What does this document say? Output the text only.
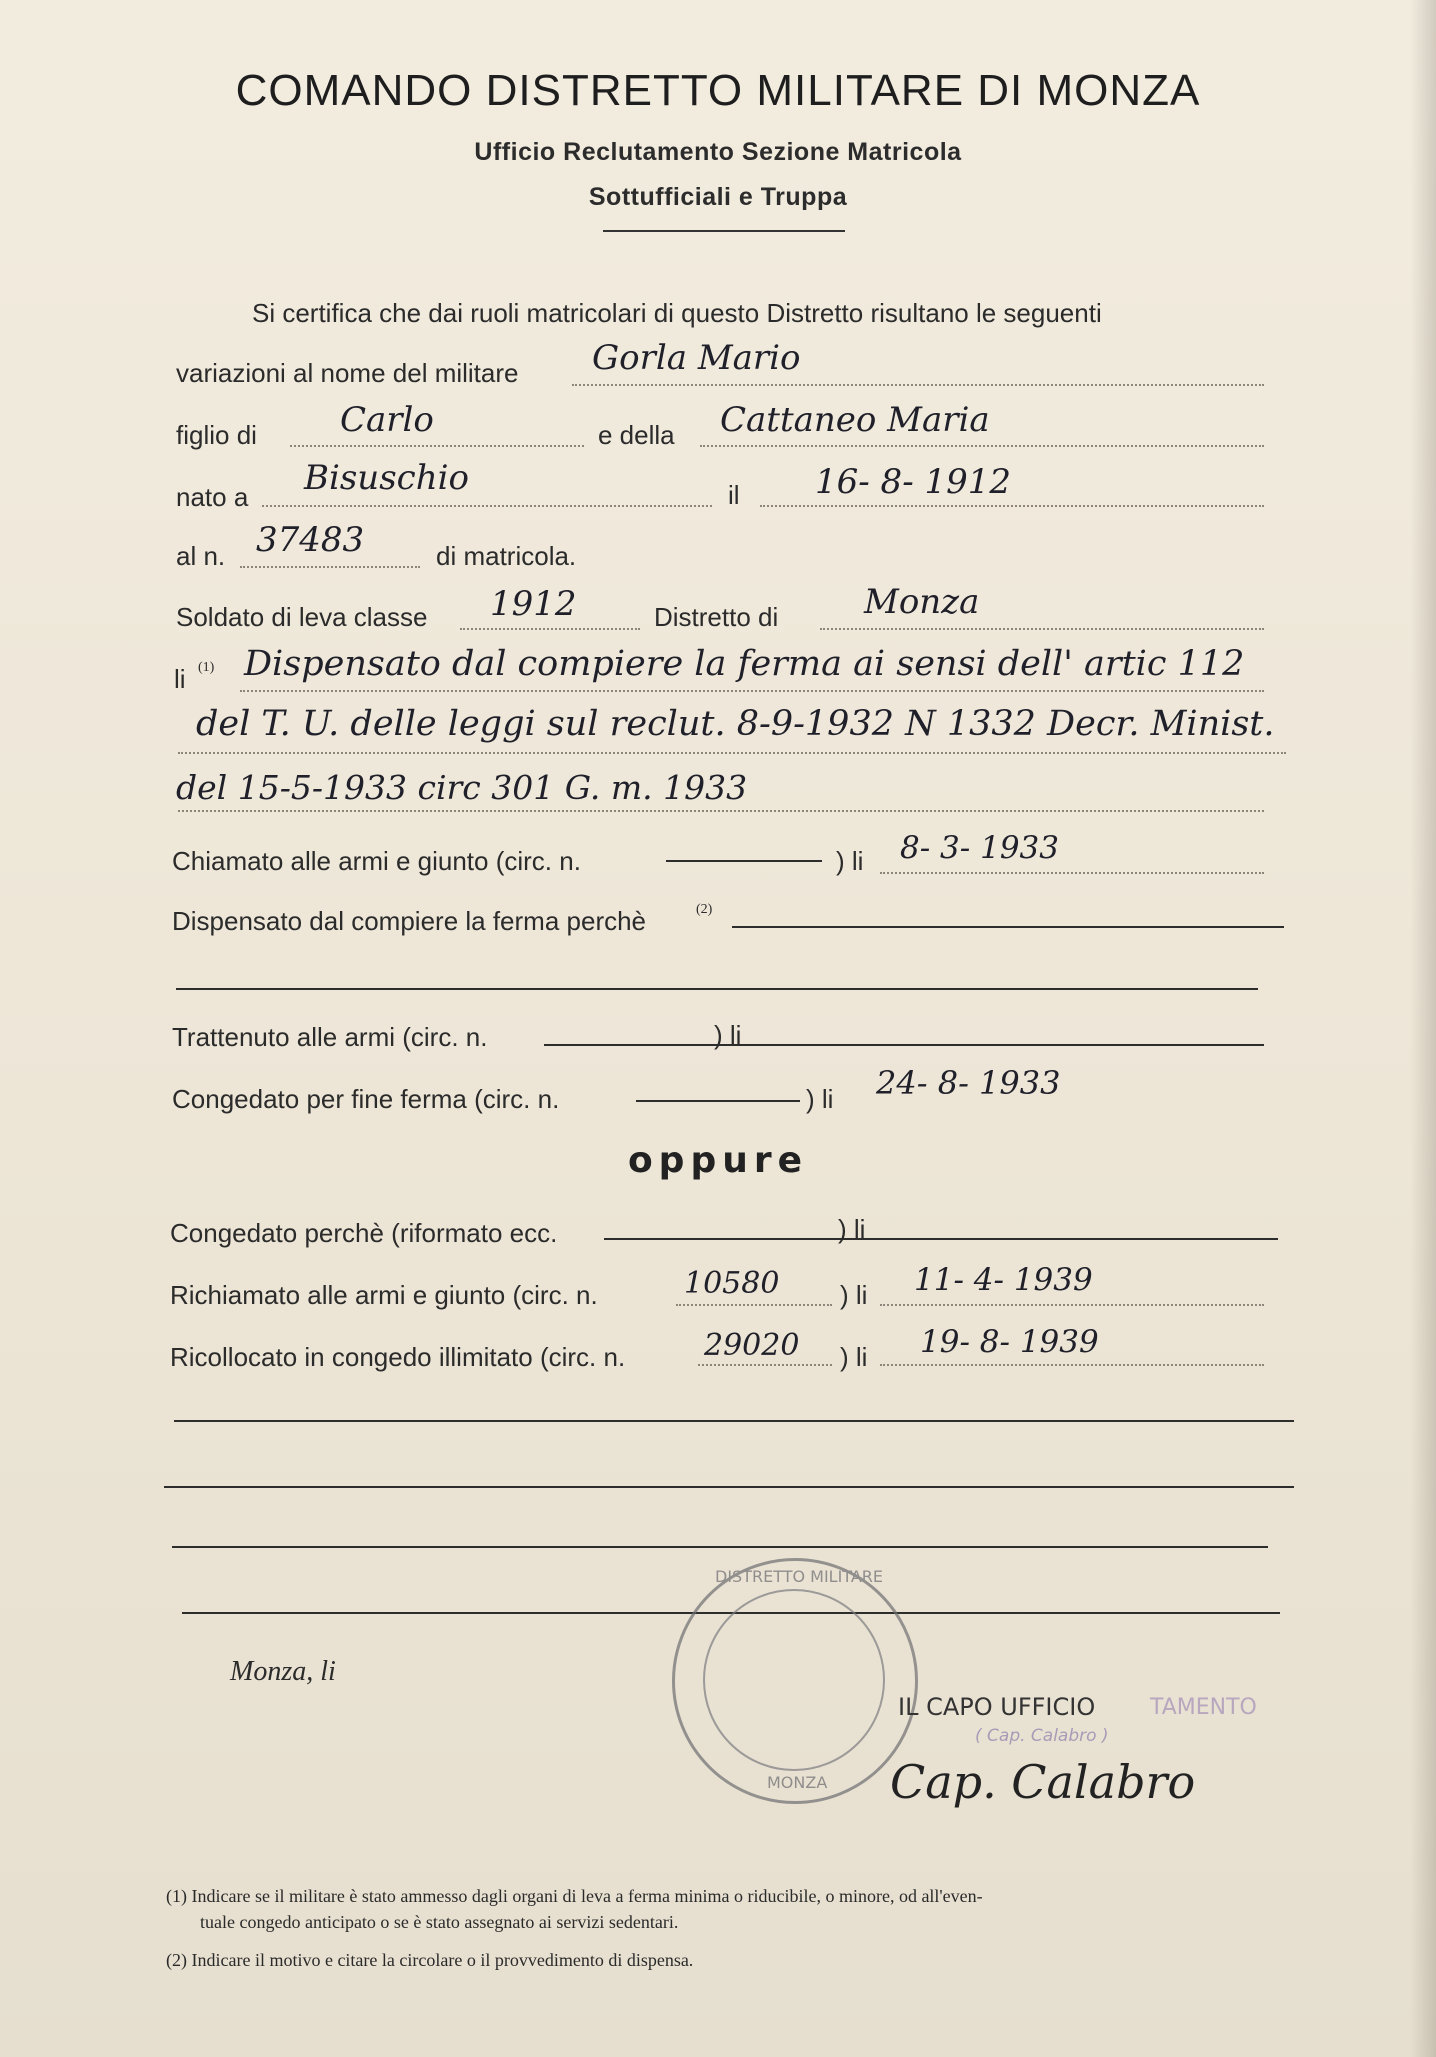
COMANDO DISTRETTO MILITARE DI MONZA
Ufficio Reclutamento Sezione Matricola
Sottufficiali e Truppa
Si certifica che dai ruoli matricolari di questo Distretto risultano le seguenti
variazioni al nome del militare Gorla Mario
figlio di Carlo	e della Cattaneo Maria
nato a Bisuschio	il 16- 8- 1912
al n. 37483	di matricola.
Soldato di leva classe 1912	Distretto di	Monza
li (1) Dispensato dal compiere la ferma ai sensi dell' artic 112
del T. U. delle leggi sul reclut. 8-9-1932 N 1332 Decr. Minist.
del 15-5-1933 circ 301 G. m. 1933
Chiamato alle armi e giunto (circ. n.	) li 8- 3- 1933
Dispensato dal compiere la ferma perchè	(2)
Trattenuto alle armi (circ. n.	) li
Congedato per fine ferma (circ. n.	) li 24- 8- 1933
oppure
Congedato perchè (riformato ecc.	) li
Richiamato alle armi e giunto (circ. n.	10580 ) li 11- 4- 1939
Ricollocato in congedo illimitato (circ. n.	29020 ) li 19- 8- 1939
Monza, li
DISTRETTO MILITARE
MONZA
IL CAPO UFFICIO TAMENTO
( Cap. Calabro )
Cap. Calabro
(1) Indicare se il militare è stato ammesso dagli organi di leva a ferma minima o riducibile, o minore, od all'even-
tuale congedo anticipato o se è stato assegnato ai servizi sedentari.
(2) Indicare il motivo e citare la circolare o il provvedimento di dispensa.
